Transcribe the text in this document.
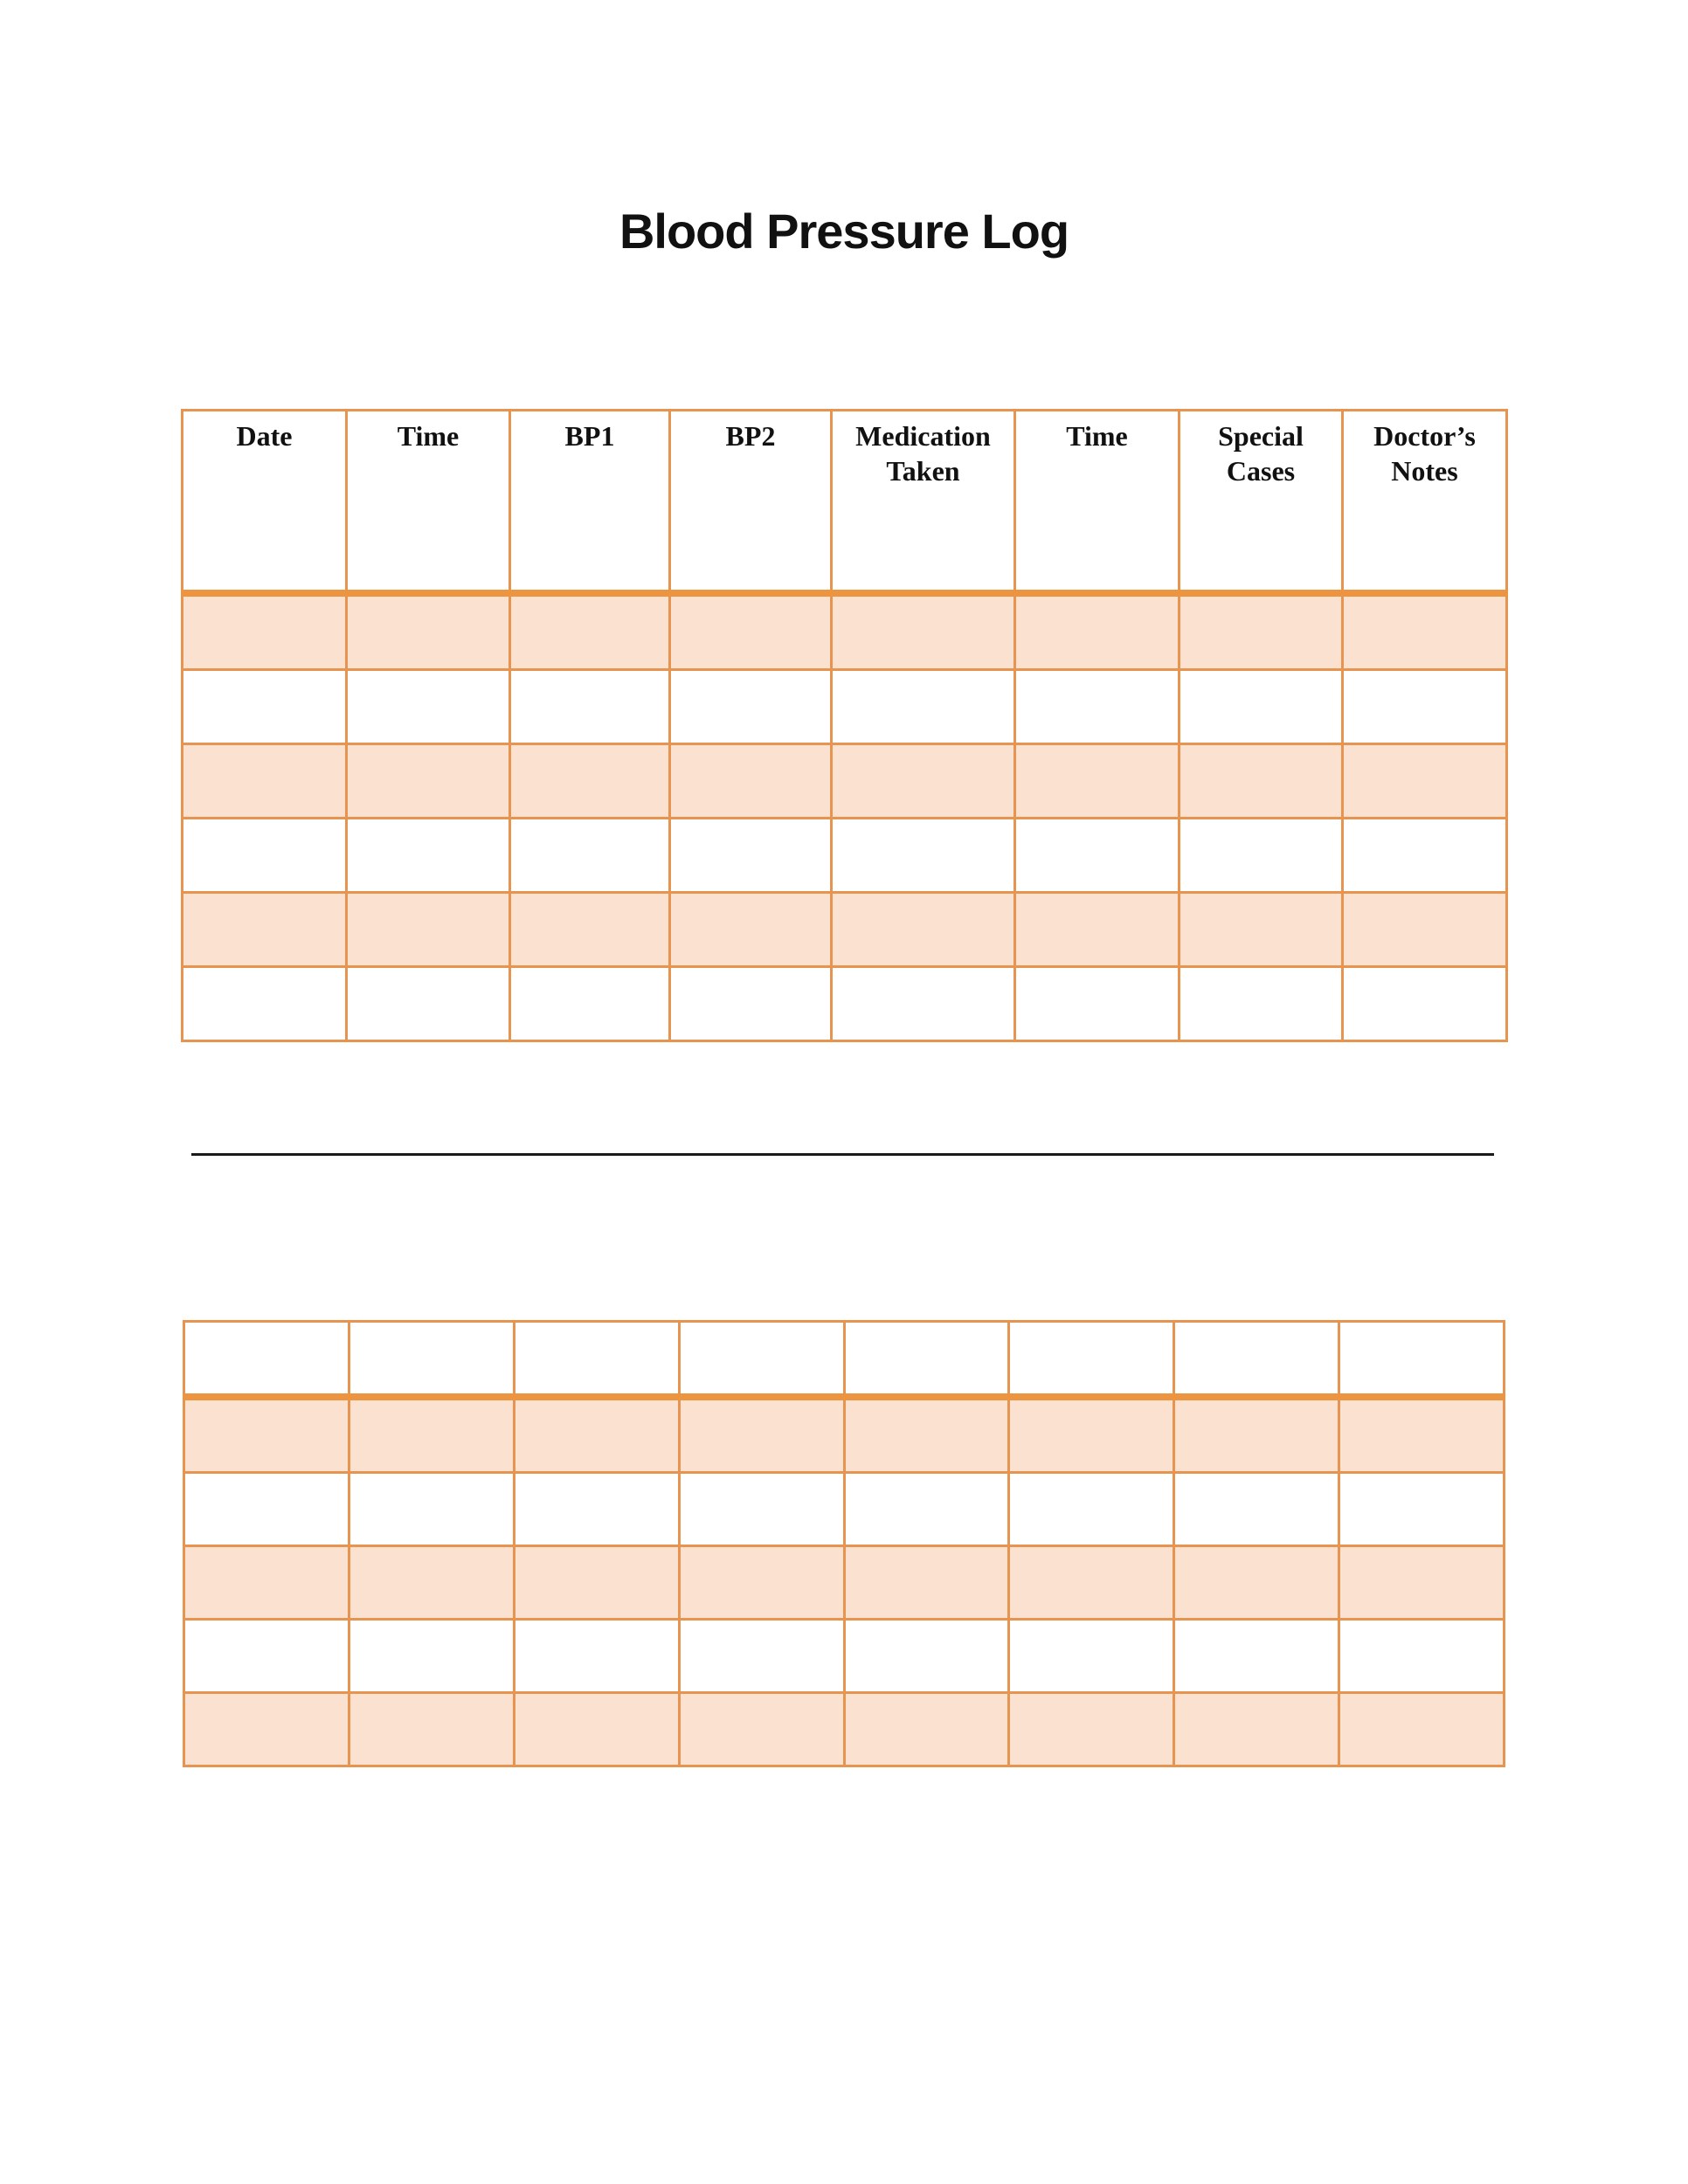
Blood Pressure Log
Date	Time	BP1	BP2	Medication Taken	Time	Special Cases	Doctor’s Notes
